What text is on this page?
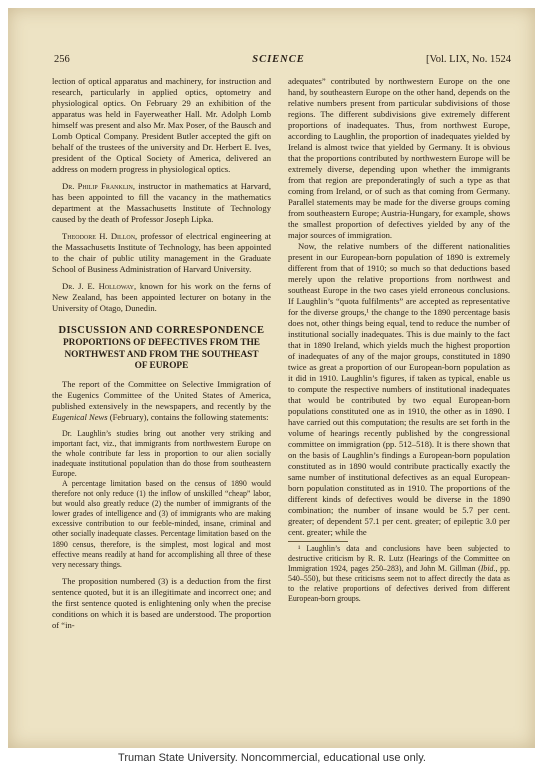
256	SCIENCE	[Vol. LIX, No. 1524

lection of optical apparatus and machinery, for instruction and research, particularly in applied optics, optometry and physiological optics. On February 29 an exhibition of the apparatus was held in Fayerweather Hall. Mr. Adolph Lomb himself was present and also Mr. Max Poser, of the Bausch and Lomb Optical Company. President Butler accepted the gift on behalf of the trustees of the university and Dr. Herbert E. Ives, president of the Optical Society of America, delivered an address on modern progress in physiological optics.

Dr. Philip Franklin, instructor in mathematics at Harvard, has been appointed to fill the vacancy in the mathematics department at the Massachusetts Institute of Technology caused by the death of Professor Joseph Lipka.

Theodore H. Dillon, professor of electrical engineering at the Massachusetts Institute of Technology, has been appointed to the chair of public utility management in the Graduate School of Business Administration of Harvard University.

Dr. J. E. Holloway, known for his work on the ferns of New Zealand, has been appointed lecturer on botany in the University of Otago, Dunedin.

DISCUSSION AND CORRESPONDENCE
PROPORTIONS OF DEFECTIVES FROM THE NORTHWEST AND FROM THE SOUTHEAST OF EUROPE

The report of the Committee on Selective Immigration of the Eugenics Committee of the United States of America, published extensively in the newspapers, and recently by the Eugenical News (February), contains the following statements:

Dr. Laughlin’s studies bring out another very striking and important fact, viz., that immigrants from northwestern Europe on the whole contribute far less in proportion to our alien socially inadequate institutional population than do those from southeastern Europe.

A percentage limitation based on the census of 1890 would therefore not only reduce (1) the inflow of unskilled “cheap” labor, but would also greatly reduce (2) the number of immigrants of the lower grades of intelligence and (3) of immigrants who are making excessive contribution to our feeble-minded, insane, criminal and other socially inadequate classes. Percentage limitation based on the 1890 census, therefore, is the simplest, most logical and most effective means readily at hand for accomplishing all three of these very necessary things.

The proposition numbered (3) is a deduction from the first sentence quoted, but it is an illegitimate and incorrect one; and the first sentence quoted is enlightening only when the precise conditions on which it is based are understood. The proportion of “in-

adequates” contributed by northwestern Europe on the one hand, by southeastern Europe on the other hand, depends on the relative numbers present from particular subdivisions of those regions. The different subdivisions give extremely different proportions of inadequates. Thus, from northwest Europe, according to Laughlin, the proportion of inadequates yielded by Ireland is almost twice that yielded by Germany. It is obvious that the proportions contributed by northwestern Europe will be extremely diverse, depending upon whether the immigrants from that region are preponderatingly of such a type as that coming from Ireland, or of such as that coming from Germany. Parallel statements may be made for the diverse groups coming from southeastern Europe; Austria-Hungary, for example, shows the smallest proportion of defectives yielded by any of the major sources of immigration.

Now, the relative numbers of the different nationalities present in our European-born population of 1890 is extremely different from that of 1910; so much so that deductions based merely upon the relative proportions from northwest and southeast Europe in the two cases yield erroneous conclusions. If Laughlin’s “quota fulfilments” are accepted as representative for the diverse groups,¹ the change to the 1890 percentage basis does not, other things being equal, tend to reduce the number of institutional socially inadequates. This is due mainly to the fact that in 1890 Ireland, which yields much the highest proportion of inadequates of any of the major groups, constituted in 1890 twice as great a proportion of our European-born population as it did in 1910. Laughlin’s figures, if taken as typical, enable us to compute the respective numbers of institutional inadequates that would be contributed by two equal European-born populations constituted one as in 1910, the other as in 1890. I have carried out this computation; the results are set forth in the volume of hearings recently published by the congressional committee on immigration (pp. 512–518). It is there shown that on the basis of Laughlin’s findings a European-born population constituted as in 1890 would contribute practically exactly the same number of institutional defectives as an equal European-born population constituted as in 1910. The proportions of the different kinds of defectives would be diverse in the 1890 combination; the number of insane would be 5.7 per cent. greater; of dependent 57.1 per cent. greater; of epileptic 3.0 per cent. greater; while the

¹ Laughlin’s data and conclusions have been subjected to destructive criticism by R. R. Lutz (Hearings of the Committee on Immigration 1924, pages 250–283), and John M. Gillman (Ibid., pp. 540–550), but these criticisms seem not to affect directly the data as to the relative proportions of defectives derived from different European-born groups.

Truman State University. Noncommercial, educational use only.
